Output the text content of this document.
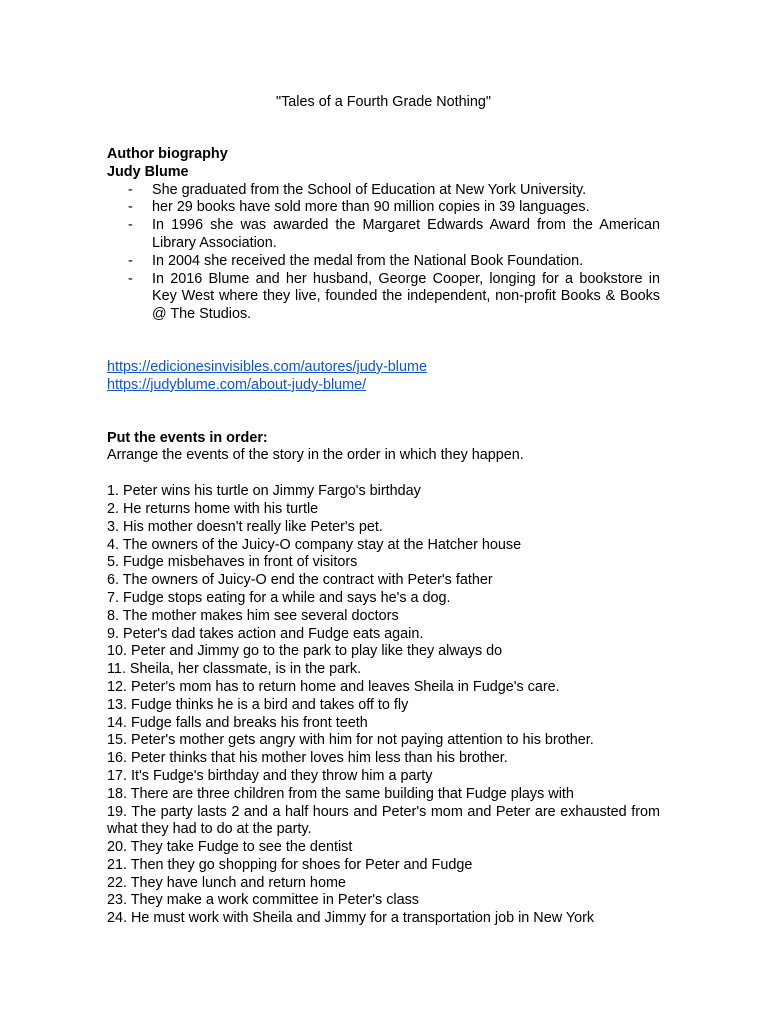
"Tales of a Fourth Grade Nothing"
Author biography
Judy Blume
- She graduated from the School of Education at New York University.
- her 29 books have sold more than 90 million copies in 39 languages.
- In 1996 she was awarded the Margaret Edwards Award from the American Library Association.
- In 2004 she received the medal from the National Book Foundation.
- In 2016 Blume and her husband, George Cooper, longing for a bookstore in Key West where they live, founded the independent, non-profit Books & Books @ The Studios.
https://edicionesinvisibles.com/autores/judy-blume
https://judyblume.com/about-judy-blume/
Put the events in order:
Arrange the events of the story in the order in which they happen.
1. Peter wins his turtle on Jimmy Fargo's birthday
2. He returns home with his turtle
3. His mother doesn't really like Peter's pet.
4. The owners of the Juicy-O company stay at the Hatcher house
5. Fudge misbehaves in front of visitors
6. The owners of Juicy-O end the contract with Peter's father
7. Fudge stops eating for a while and says he's a dog.
8. The mother makes him see several doctors
9. Peter's dad takes action and Fudge eats again.
10. Peter and Jimmy go to the park to play like they always do
11. Sheila, her classmate, is in the park.
12. Peter's mom has to return home and leaves Sheila in Fudge's care.
13. Fudge thinks he is a bird and takes off to fly
14. Fudge falls and breaks his front teeth
15. Peter's mother gets angry with him for not paying attention to his brother.
16. Peter thinks that his mother loves him less than his brother.
17. It's Fudge's birthday and they throw him a party
18. There are three children from the same building that Fudge plays with
19. The party lasts 2 and a half hours and Peter's mom and Peter are exhausted from what they had to do at the party.
20. They take Fudge to see the dentist
21. Then they go shopping for shoes for Peter and Fudge
22. They have lunch and return home
23. They make a work committee in Peter's class
24. He must work with Sheila and Jimmy for a transportation job in New York
